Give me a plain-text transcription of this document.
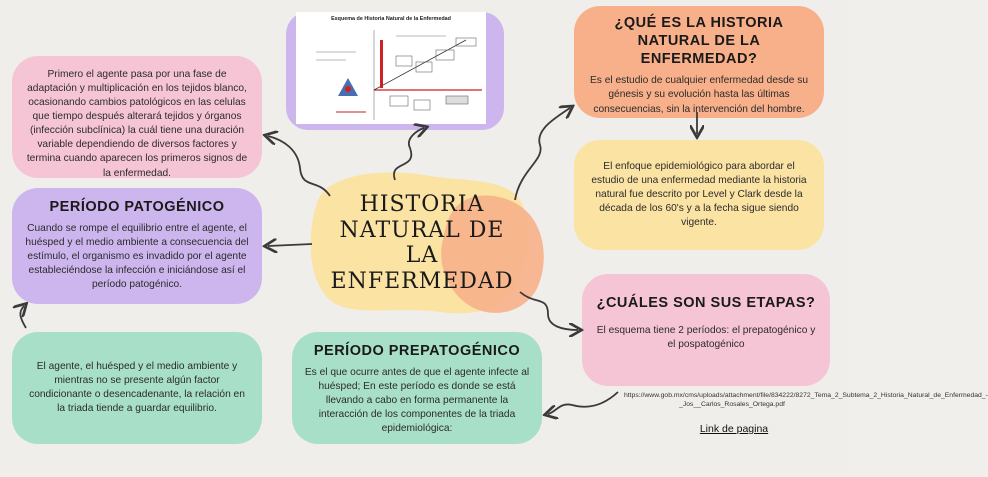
HISTORIA
NATURAL DE
LA
ENFERMEDAD
Esquema de Historia Natural de la Enfermedad

Primero el agente pasa por una fase de adaptación y multiplicación en los tejidos blanco, ocasionando cambios patológicos en las celulas que tiempo después alterará tejidos y órganos (infección subclínica) la cuál tiene una duración variable dependiendo de diversos factores y termina cuando aparecen los primeros signos de la enfermedad.

PERÍODO PATOGÉNICO

Cuando se rompe el equilibrio entre el agente, el huésped y el medio ambiente a consecuencia del estímulo, el organismo es invadido por el agente estableciéndose la infección e iniciándose así el período patogénico.

El agente, el huésped y el medio ambiente y mientras no se presente algún factor condicionante o desencadenante, la relación en la triada tiende a guardar equilibrio.

PERÍODO PREPATOGÉNICO

Es el que ocurre antes de que el agente infecte al huésped; En este período es donde se está llevando a cabo en forma permanente la interacción de los componentes de la triada epidemiológica:

¿QUÉ ES LA HISTORIA NATURAL DE LA ENFERMEDAD?

Es el estudio de cualquier enfermedad desde su génesis y su evolución hasta las últimas consecuencias, sin la intervención del hombre.

El enfoque epidemiológico para abordar el estudio de una enfermedad mediante la historia natural fue descrito por Level y Clark desde la década de los 60's y a la fecha sigue siendo vigente.

¿CUÁLES SON SUS ETAPAS?

El esquema tiene 2 períodos: el prepatogénico y el pospatogénico

https://www.gob.mx/cms/uploads/attachment/file/834222/8272_Tema_2_Subtema_2_Historia_Natural_de_Enfermedad_-_Jos__Carlos_Rosales_Ortega.pdf
Link de pagina
